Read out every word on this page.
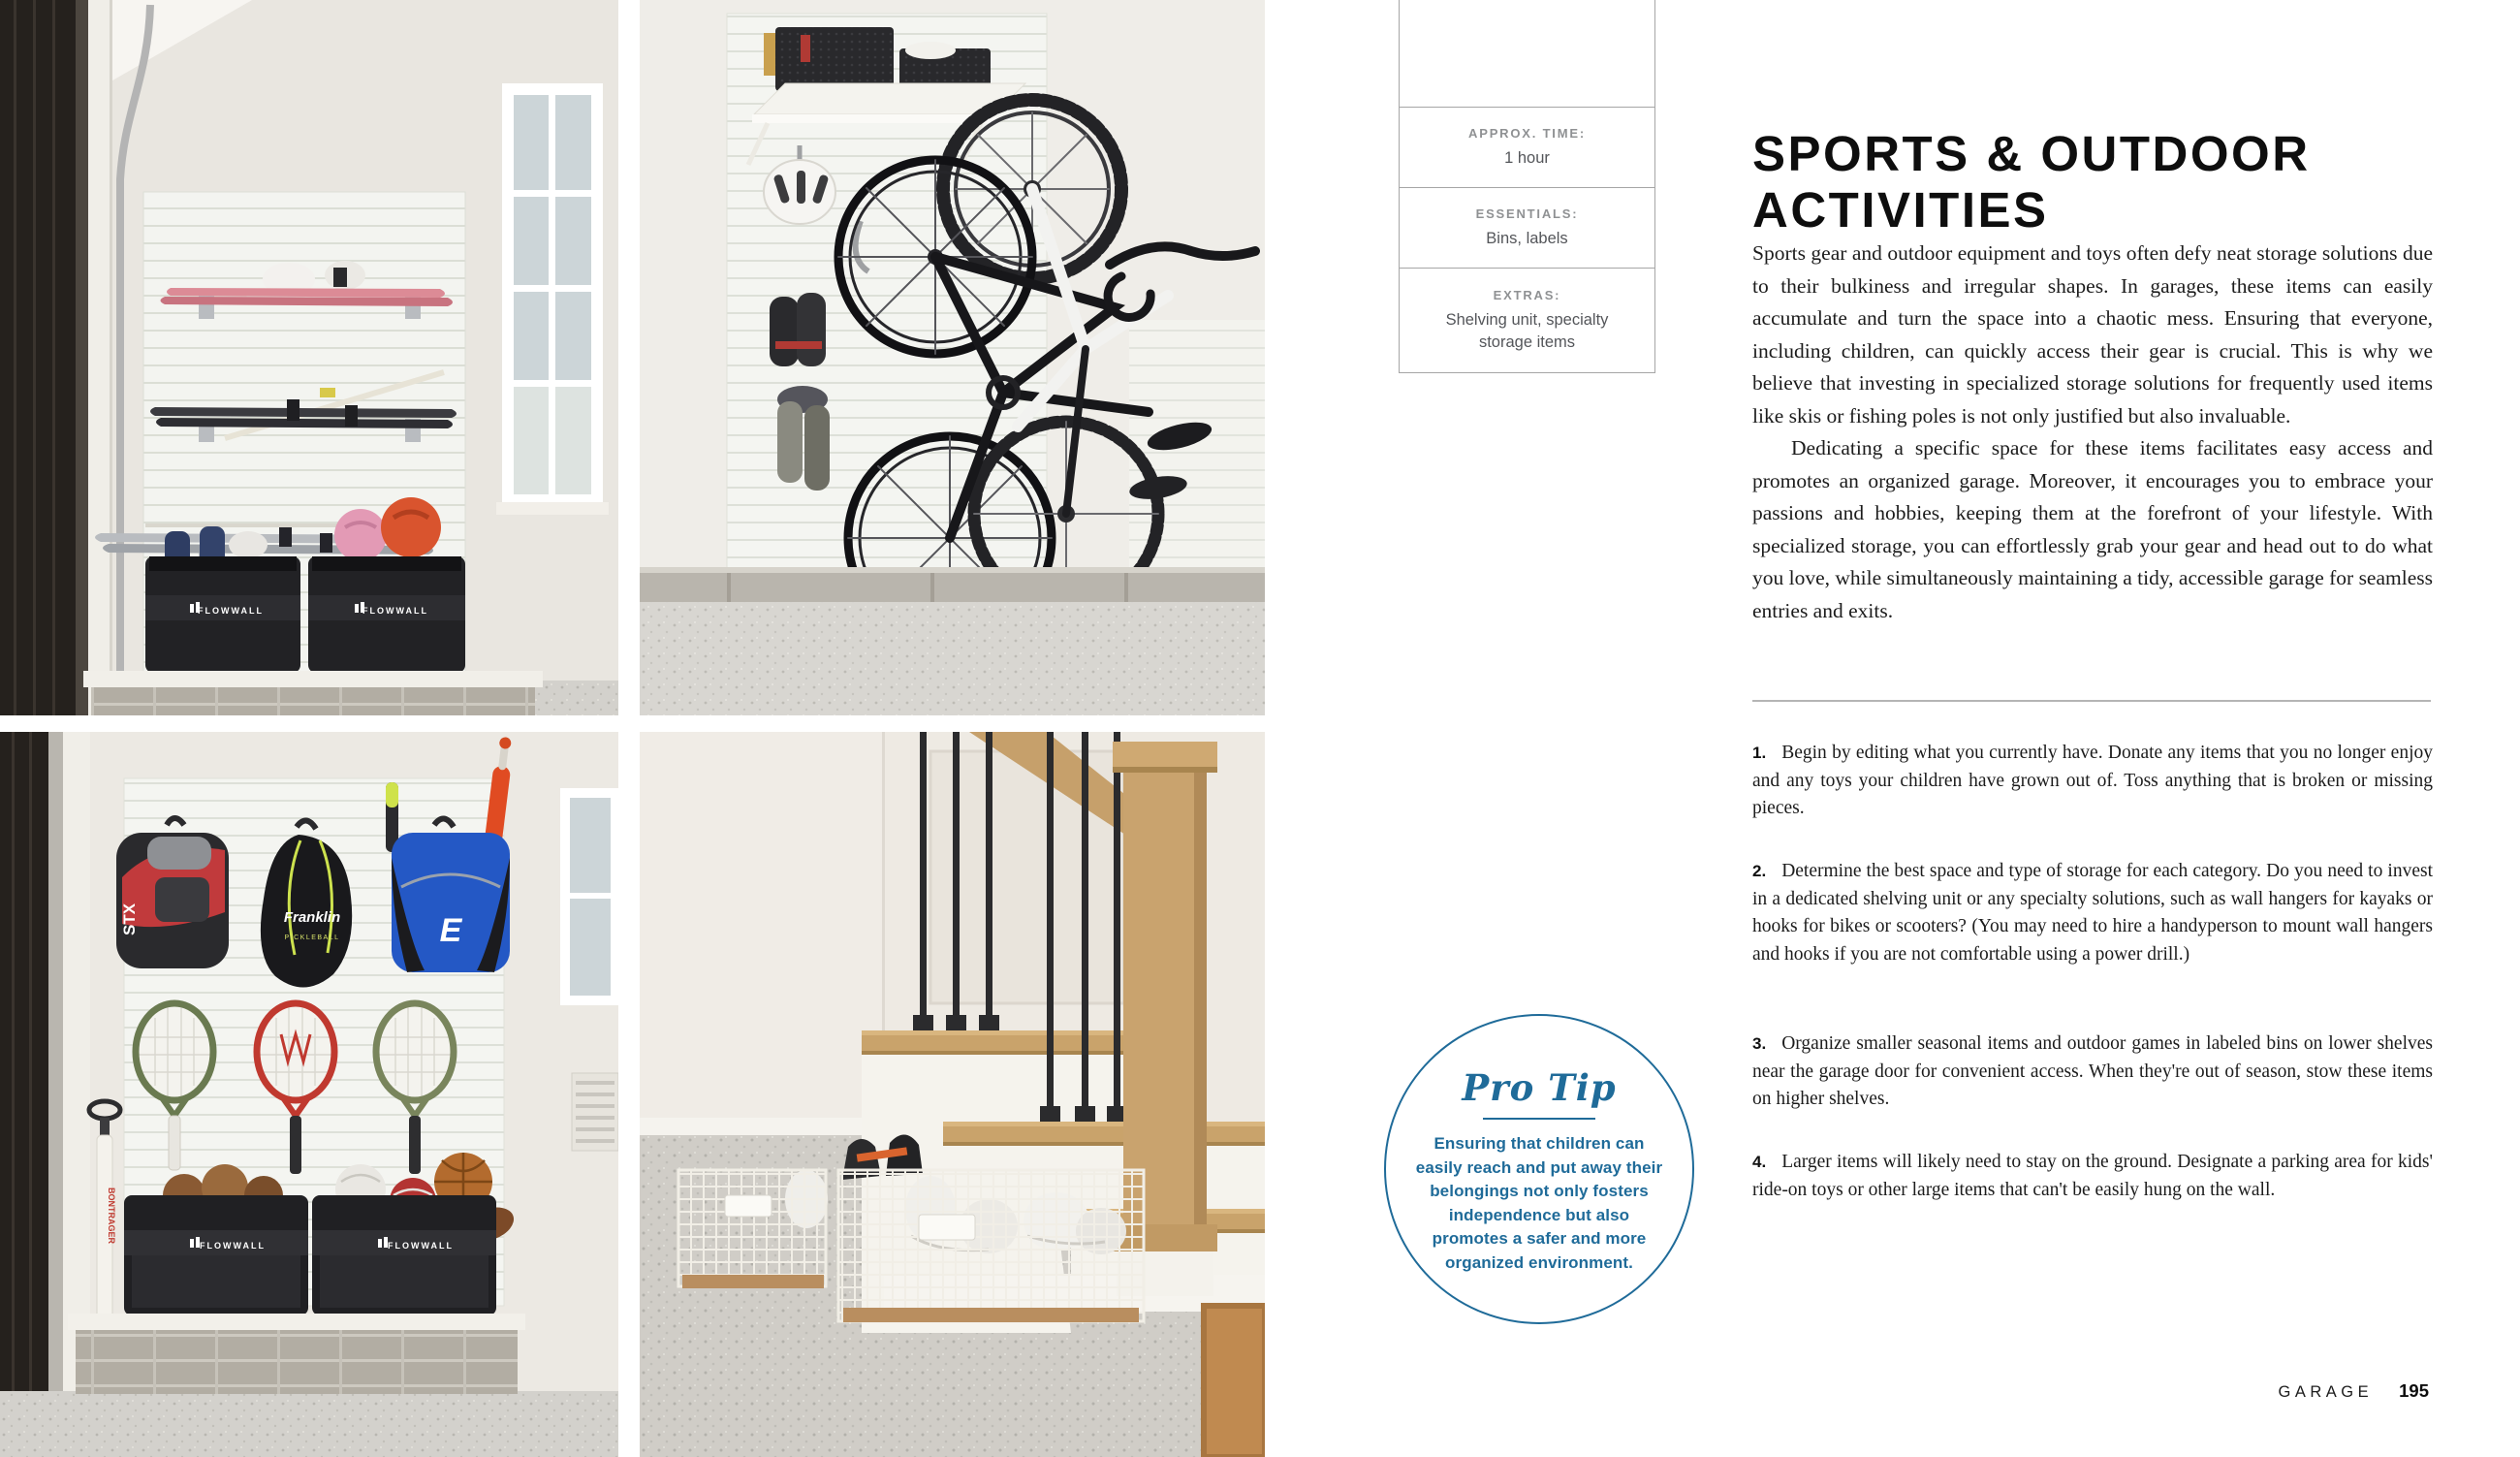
FLOWWALL	FLOWWALL
STX	Franklin
PICKLEBALL	E
BONTRAGER
FLOWWALL	FLOWWALL
APPROX. TIME:
1 hour
ESSENTIALS:
Bins, labels
EXTRAS:
Shelving unit, specialty storage items
SPORTS & OUTDOOR
ACTIVITIES

Sports gear and outdoor equipment and toys often defy neat storage solutions due to their bulkiness and irregular shapes. In garages, these items can easily accumulate and turn the space into a chaotic mess. Ensuring that everyone, including children, can quickly access their gear is crucial. This is why we believe that investing in specialized storage solutions for frequently used items like skis or fishing poles is not only justified but also invaluable.

Dedicating a specific space for these items facilitates easy access and promotes an organized garage. Moreover, it encourages you to embrace your passions and hobbies, keeping them at the forefront of your lifestyle. With specialized storage, you can effortlessly grab your gear and head out to do what you love, while simultaneously maintaining a tidy, accessible garage for seamless entries and exits.

1. Begin by editing what you currently have. Donate any items that you no longer enjoy and any toys your children have grown out of. Toss anything that is broken or missing pieces.

2. Determine the best space and type of storage for each category. Do you need to invest in a dedicated shelving unit or any specialty solutions, such as wall hangers for kayaks or hooks for bikes or scooters? (You may need to hire a handyperson to mount wall hangers and hooks if you are not comfortable using a power drill.)

3. Organize smaller seasonal items and outdoor games in labeled bins on lower shelves near the garage door for convenient access. When they're out of season, stow these items on higher shelves.

4. Larger items will likely need to stay on the ground. Designate a parking area for kids' ride-on toys or other large items that can't be easily hung on the wall.

Pro Tip
Ensuring that children can easily reach and put away their belongings not only fosters independence but also promotes a safer and more organized environment.
GARAGE 195
